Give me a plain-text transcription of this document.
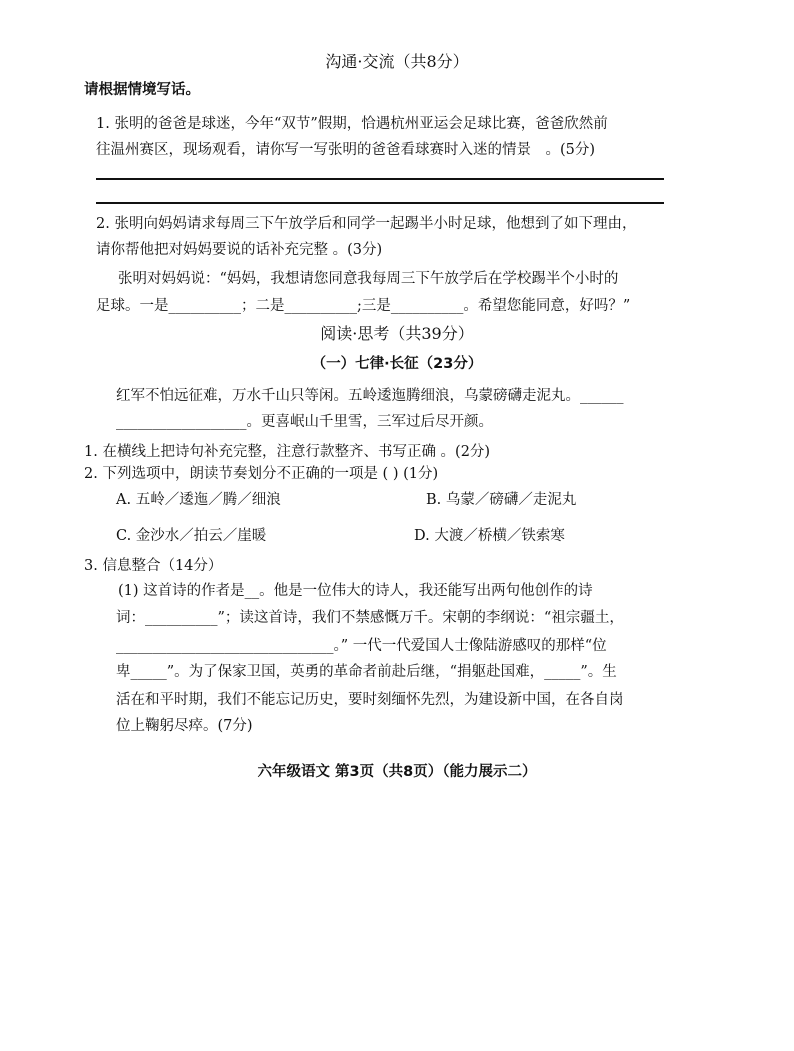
沟通·交流（共8分）
请根据情境写话。
1. 张明的爸爸是球迷，今年“双节”假期，恰遇杭州亚运会足球比赛，爸爸欣然前
往温州赛区，现场观看，请你写一写张明的爸爸看球赛时入迷的情景　。(5分)
2. 张明向妈妈请求每周三下午放学后和同学一起踢半小时足球，他想到了如下理由，
请你帮他把对妈妈要说的话补充完整 。(3分)
张明对妈妈说：“妈妈，我想请您同意我每周三下午放学后在学校踢半个小时的
足球。一是__________；二是__________;三是__________。希望您能同意，好吗？”
阅读·思考（共39分）
（一）七律·长征（23分）
红军不怕远征难，万水千山只等闲。五岭逶迤腾细浪，乌蒙磅礴走泥丸。______
__________________。更喜岷山千里雪，三军过后尽开颜。
1. 在横线上把诗句补充完整，注意行款整齐、书写正确 。(2分)
2. 下列选项中，朗读节奏划分不正确的一项是 ( ) (1分)
A. 五岭／逶迤／腾／细浪	B. 乌蒙／磅礴／走泥丸
C. 金沙水／拍云／崖暖	D. 大渡／桥横／铁索寒
3. 信息整合（14分）
(1) 这首诗的作者是__。他是一位伟大的诗人，我还能写出两句他创作的诗
词：__________”；读这首诗，我们不禁感慨万千。宋朝的李纲说：“祖宗疆土，
______________________________。” 一代一代爱国人士像陆游感叹的那样“位
卑_____”。为了保家卫国，英勇的革命者前赴后继，“捐躯赴国难，_____”。生
活在和平时期，我们不能忘记历史，要时刻缅怀先烈，为建设新中国，在各自岗
位上鞠躬尽瘁。(7分)
六年级语文 第3页（共8页）（能力展示二）
